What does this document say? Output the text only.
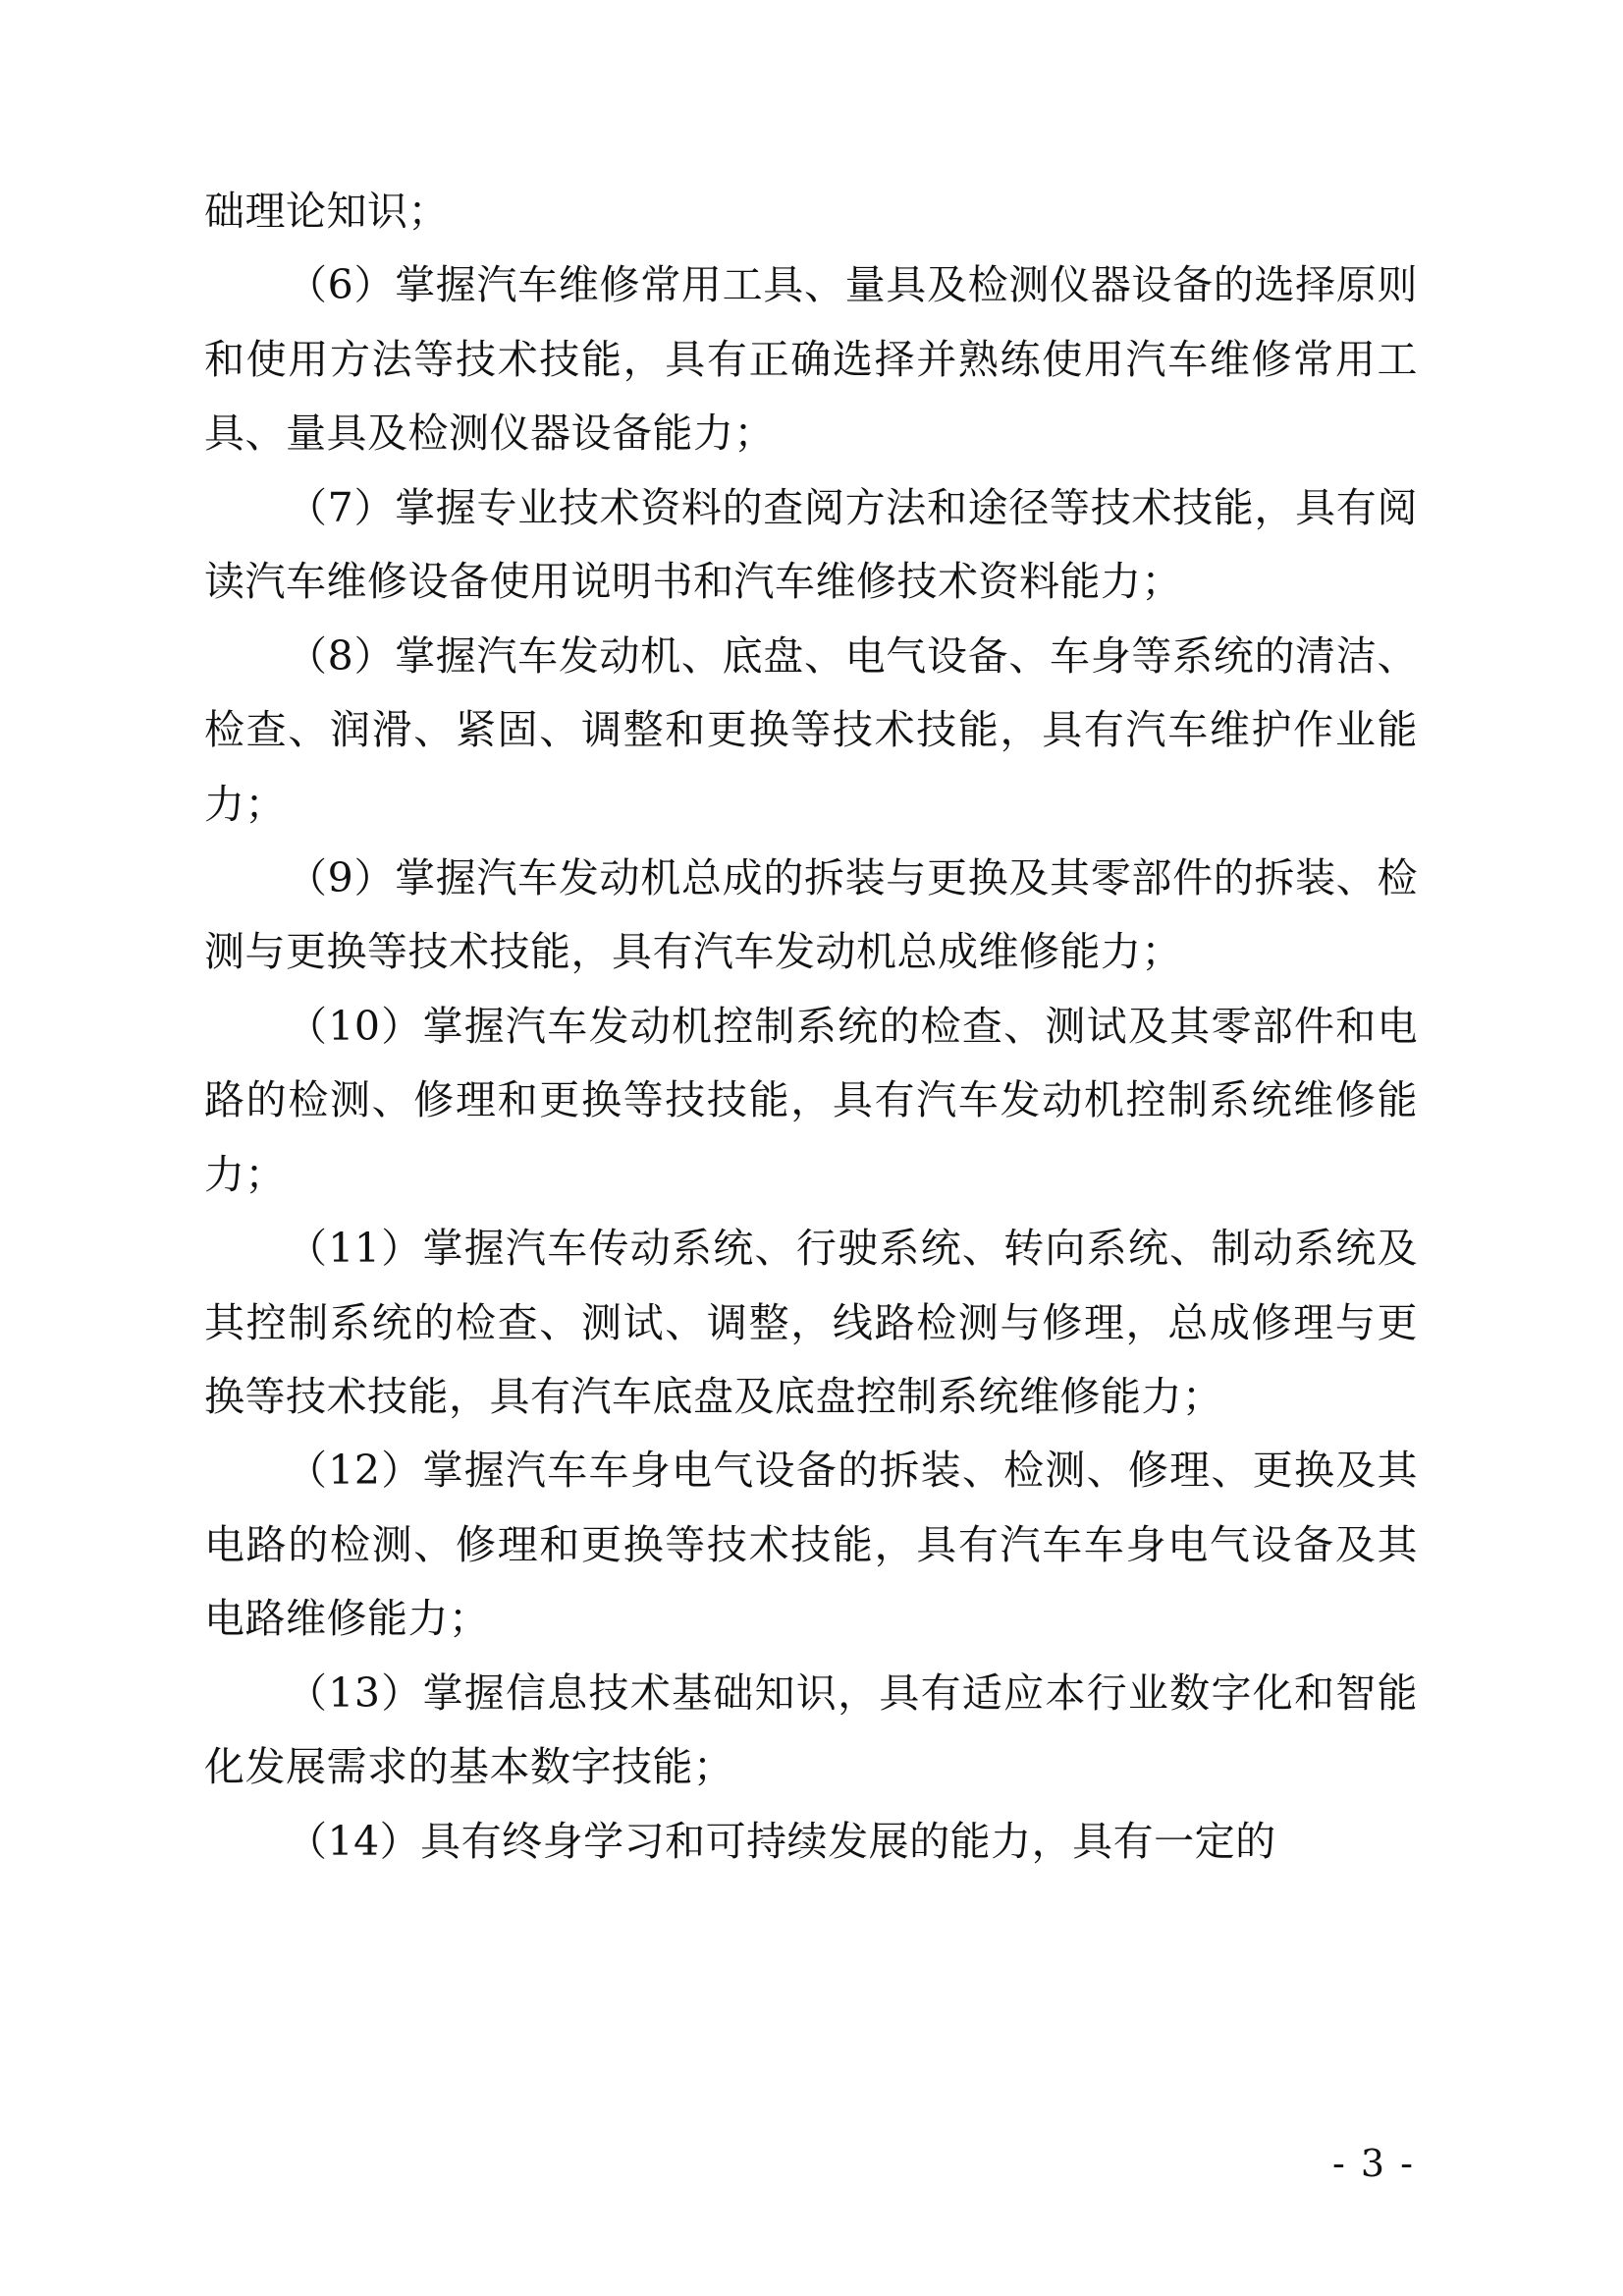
础理论知识；

（6）掌握汽车维修常用工具、量具及检测仪器设备的选择原则和使用方法等技术技能，具有正确选择并熟练使用汽车维修常用工具、量具及检测仪器设备能力；

（7）掌握专业技术资料的查阅方法和途径等技术技能，具有阅读汽车维修设备使用说明书和汽车维修技术资料能力；

（8）掌握汽车发动机、底盘、电气设备、车身等系统的清洁、检查、润滑、紧固、调整和更换等技术技能，具有汽车维护作业能力；

（9）掌握汽车发动机总成的拆装与更换及其零部件的拆装、检测与更换等技术技能，具有汽车发动机总成维修能力；

（10）掌握汽车发动机控制系统的检查、测试及其零部件和电路的检测、修理和更换等技技能，具有汽车发动机控制系统维修能力；

（11）掌握汽车传动系统、行驶系统、转向系统、制动系统及其控制系统的检查、测试、调整，线路检测与修理，总成修理与更换等技术技能，具有汽车底盘及底盘控制系统维修能力；

（12）掌握汽车车身电气设备的拆装、检测、修理、更换及其电路的检测、修理和更换等技术技能，具有汽车车身电气设备及其电路维修能力；

（13）掌握信息技术基础知识，具有适应本行业数字化和智能化发展需求的基本数字技能；

（14）具有终身学习和可持续发展的能力，具有一定的

- 3 -
